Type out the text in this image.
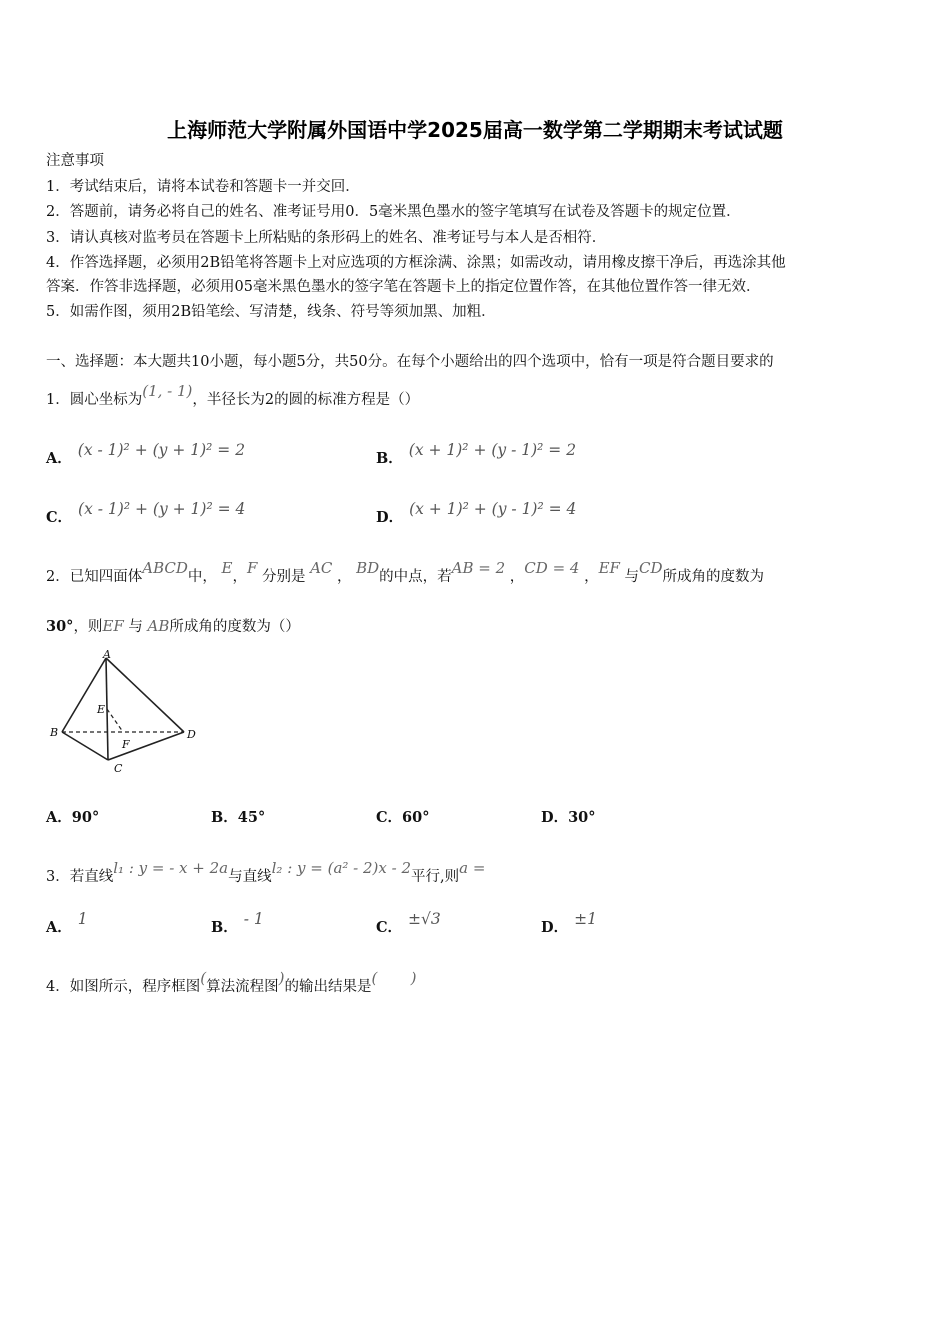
上海师范大学附属外国语中学2025届高一数学第二学期期末考试试题
注意事项
1．考试结束后，请将本试卷和答题卡一并交回．
2．答题前，请务必将自己的姓名、准考证号用0．5毫米黑色墨水的签字笔填写在试卷及答题卡的规定位置．
3．请认真核对监考员在答题卡上所粘贴的条形码上的姓名、准考证号与本人是否相符．
4．作答选择题，必须用2B铅笔将答题卡上对应选项的方框涂满、涂黑；如需改动，请用橡皮擦干净后，再选涂其他
答案．作答非选择题，必须用05毫米黑色墨水的签字笔在答题卡上的指定位置作答，在其他位置作答一律无效．
5．如需作图，须用2B铅笔绘、写清楚，线条、符号等须加黑、加粗．
一、选择题：本大题共10小题，每小题5分，共50分。在每个小题给出的四个选项中，恰有一项是符合题目要求的
1．圆心坐标为(1, - 1)，半径长为2的圆的标准方程是（）
A． (x - 1)² + (y + 1)² = 2	B． (x + 1)² + (y - 1)² = 2
C． (x - 1)² + (y + 1)² = 4	D． (x + 1)² + (y - 1)² = 4
2．已知四面体ABCD中， E，F 分别是 AC ， BD的中点，若AB = 2 ，CD = 4 ，EF 与CD所成角的度数为
30°，则EF 与 AB所成角的度数为（）
A
B
C
D
E
F
A．90°	B．45°	C．60°	D．30°
3．若直线l₁ : y = - x + 2a与直线l₂ : y = (a² - 2)x - 2平行,则a =
A． 1	B． - 1	C． ±√3	D． ±1
4．如图所示，程序框图(算法流程图)的输出结果是(       )
